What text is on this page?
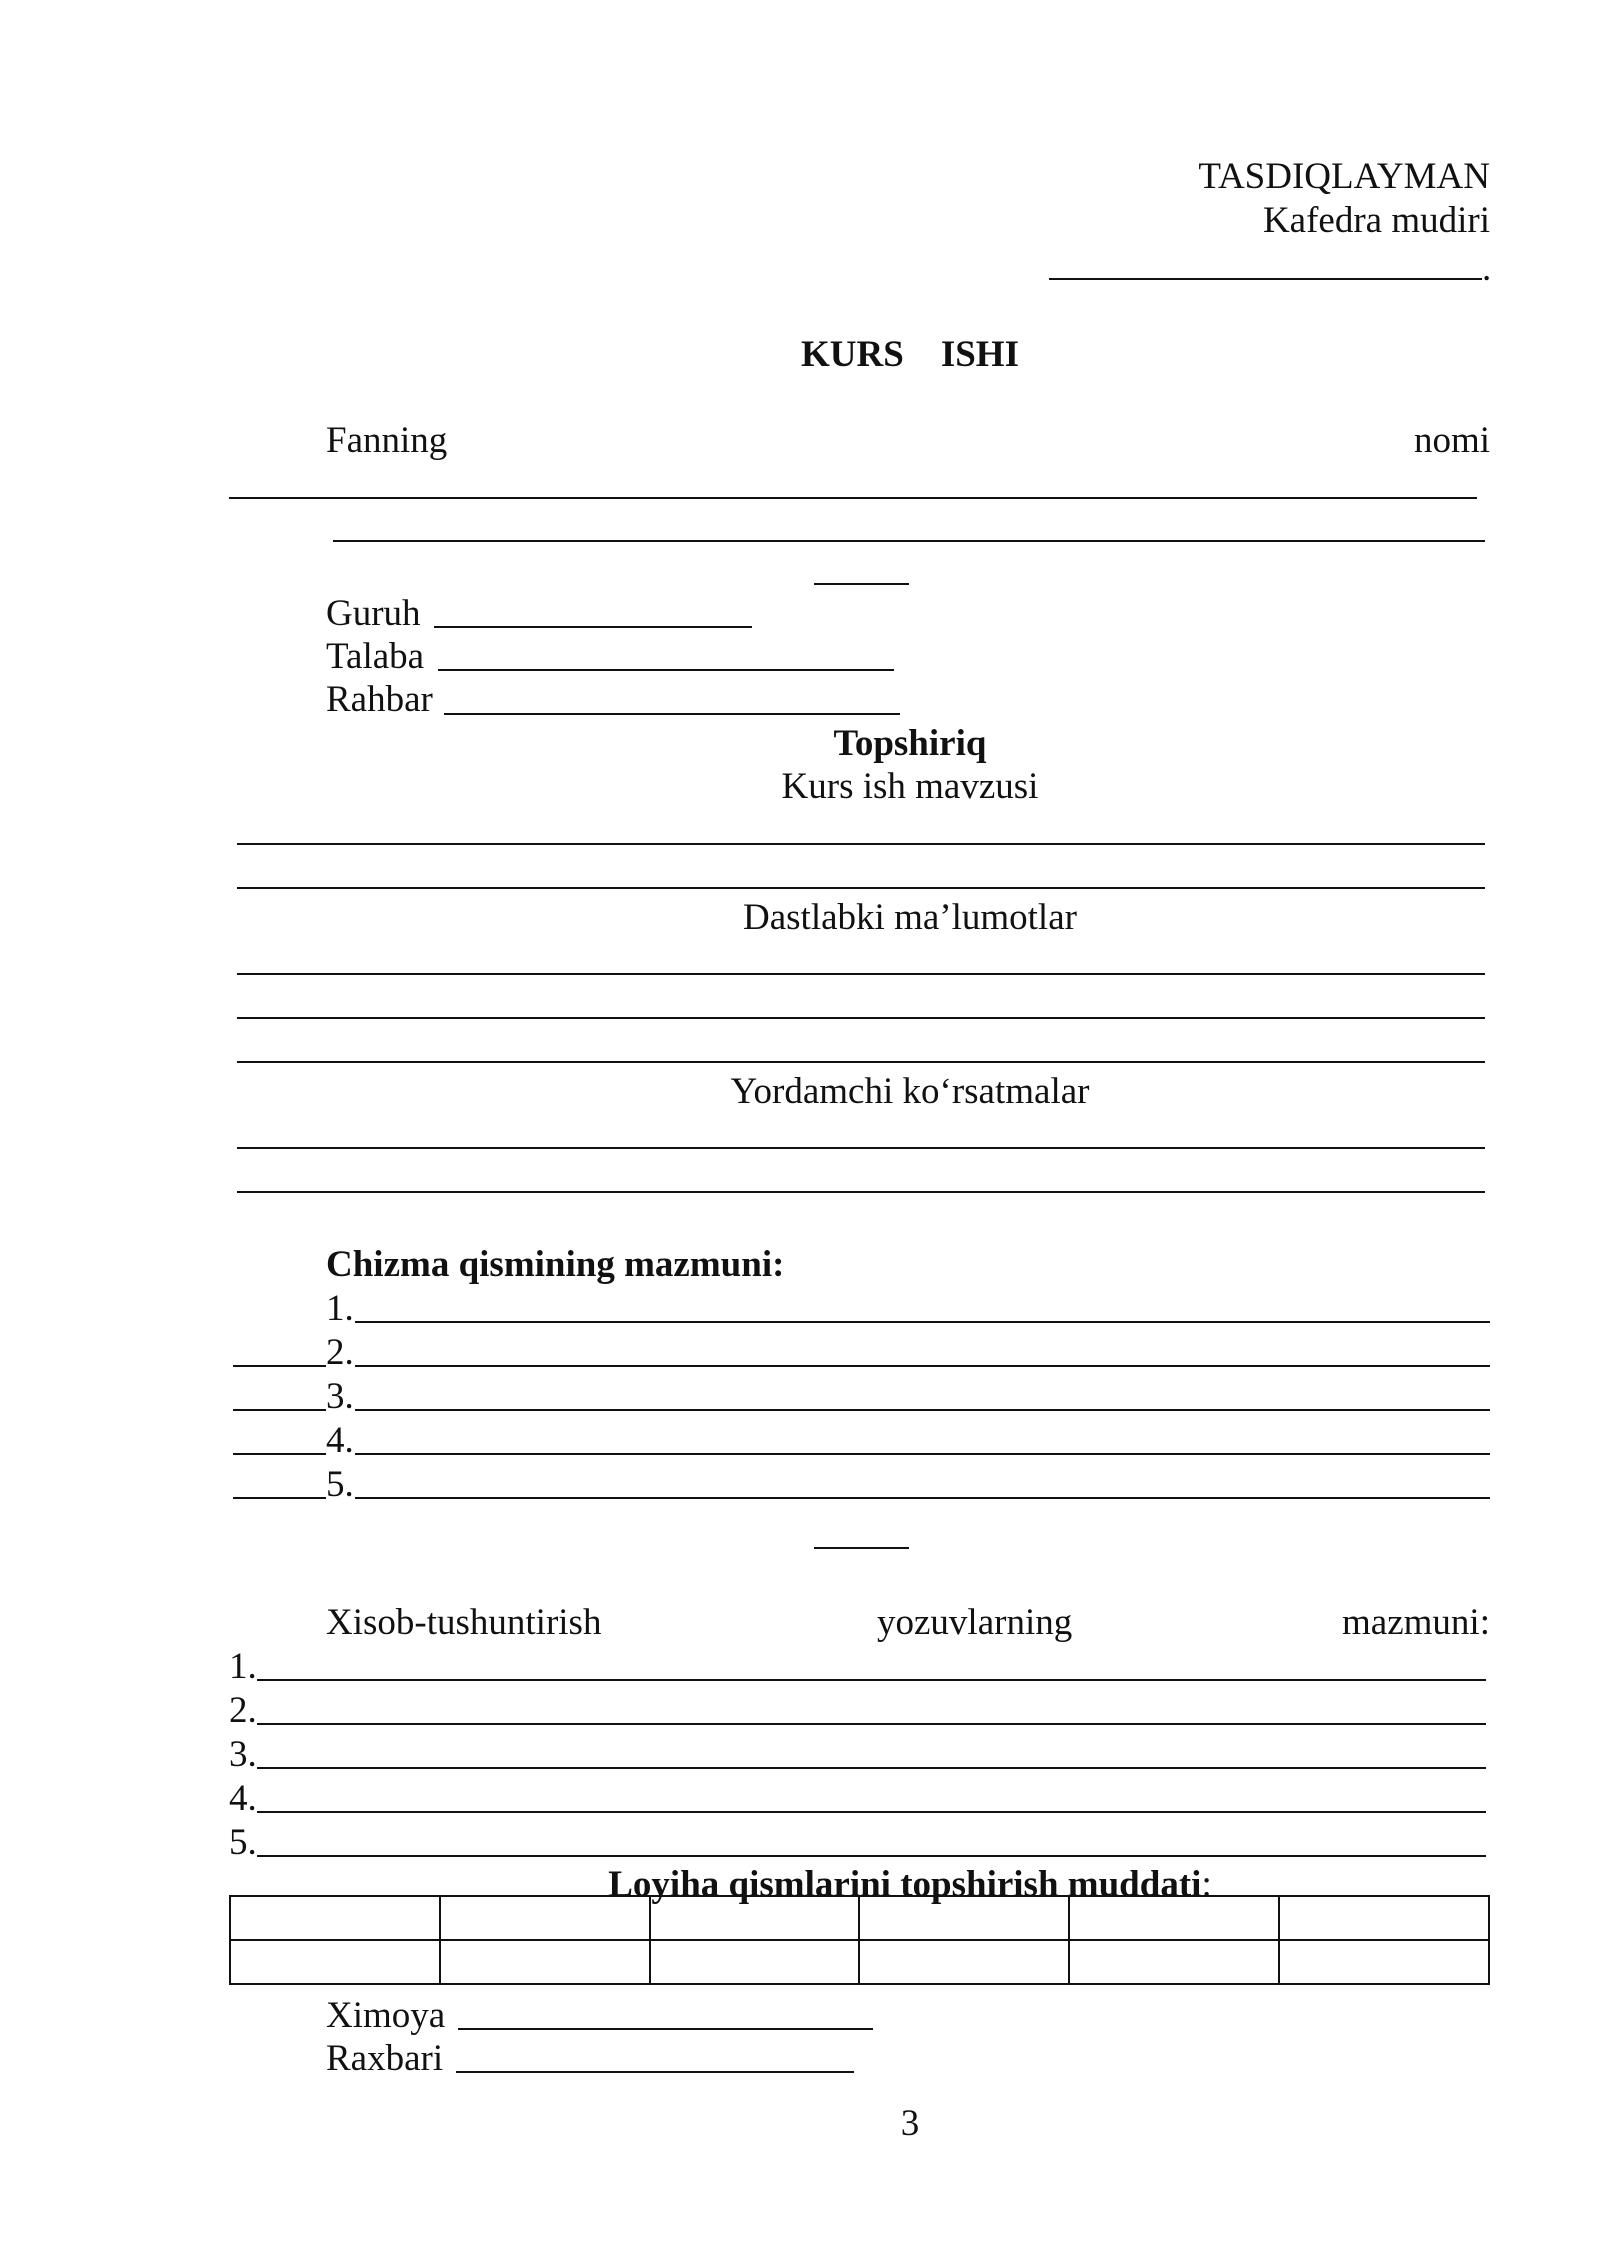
TASDIQLAYMAN
Kafedra mudiri
.
KURS    ISHI
Fanning	nomi
Guruh
Talaba
Rahbar
Topshiriq
Kurs ish mavzusi
Dastlabki ma’lumotlar
Yordamchi ko‘rsatmalar
Chizma qismining mazmuni:
1.
2.
3.
4.
5.
Xisob-tushuntirish	yozuvlarning	mazmuni:
1.
2.
3.
4.
5.
Loyiha qismlarini topshirish muddati:

Ximoya
Raxbari
3
